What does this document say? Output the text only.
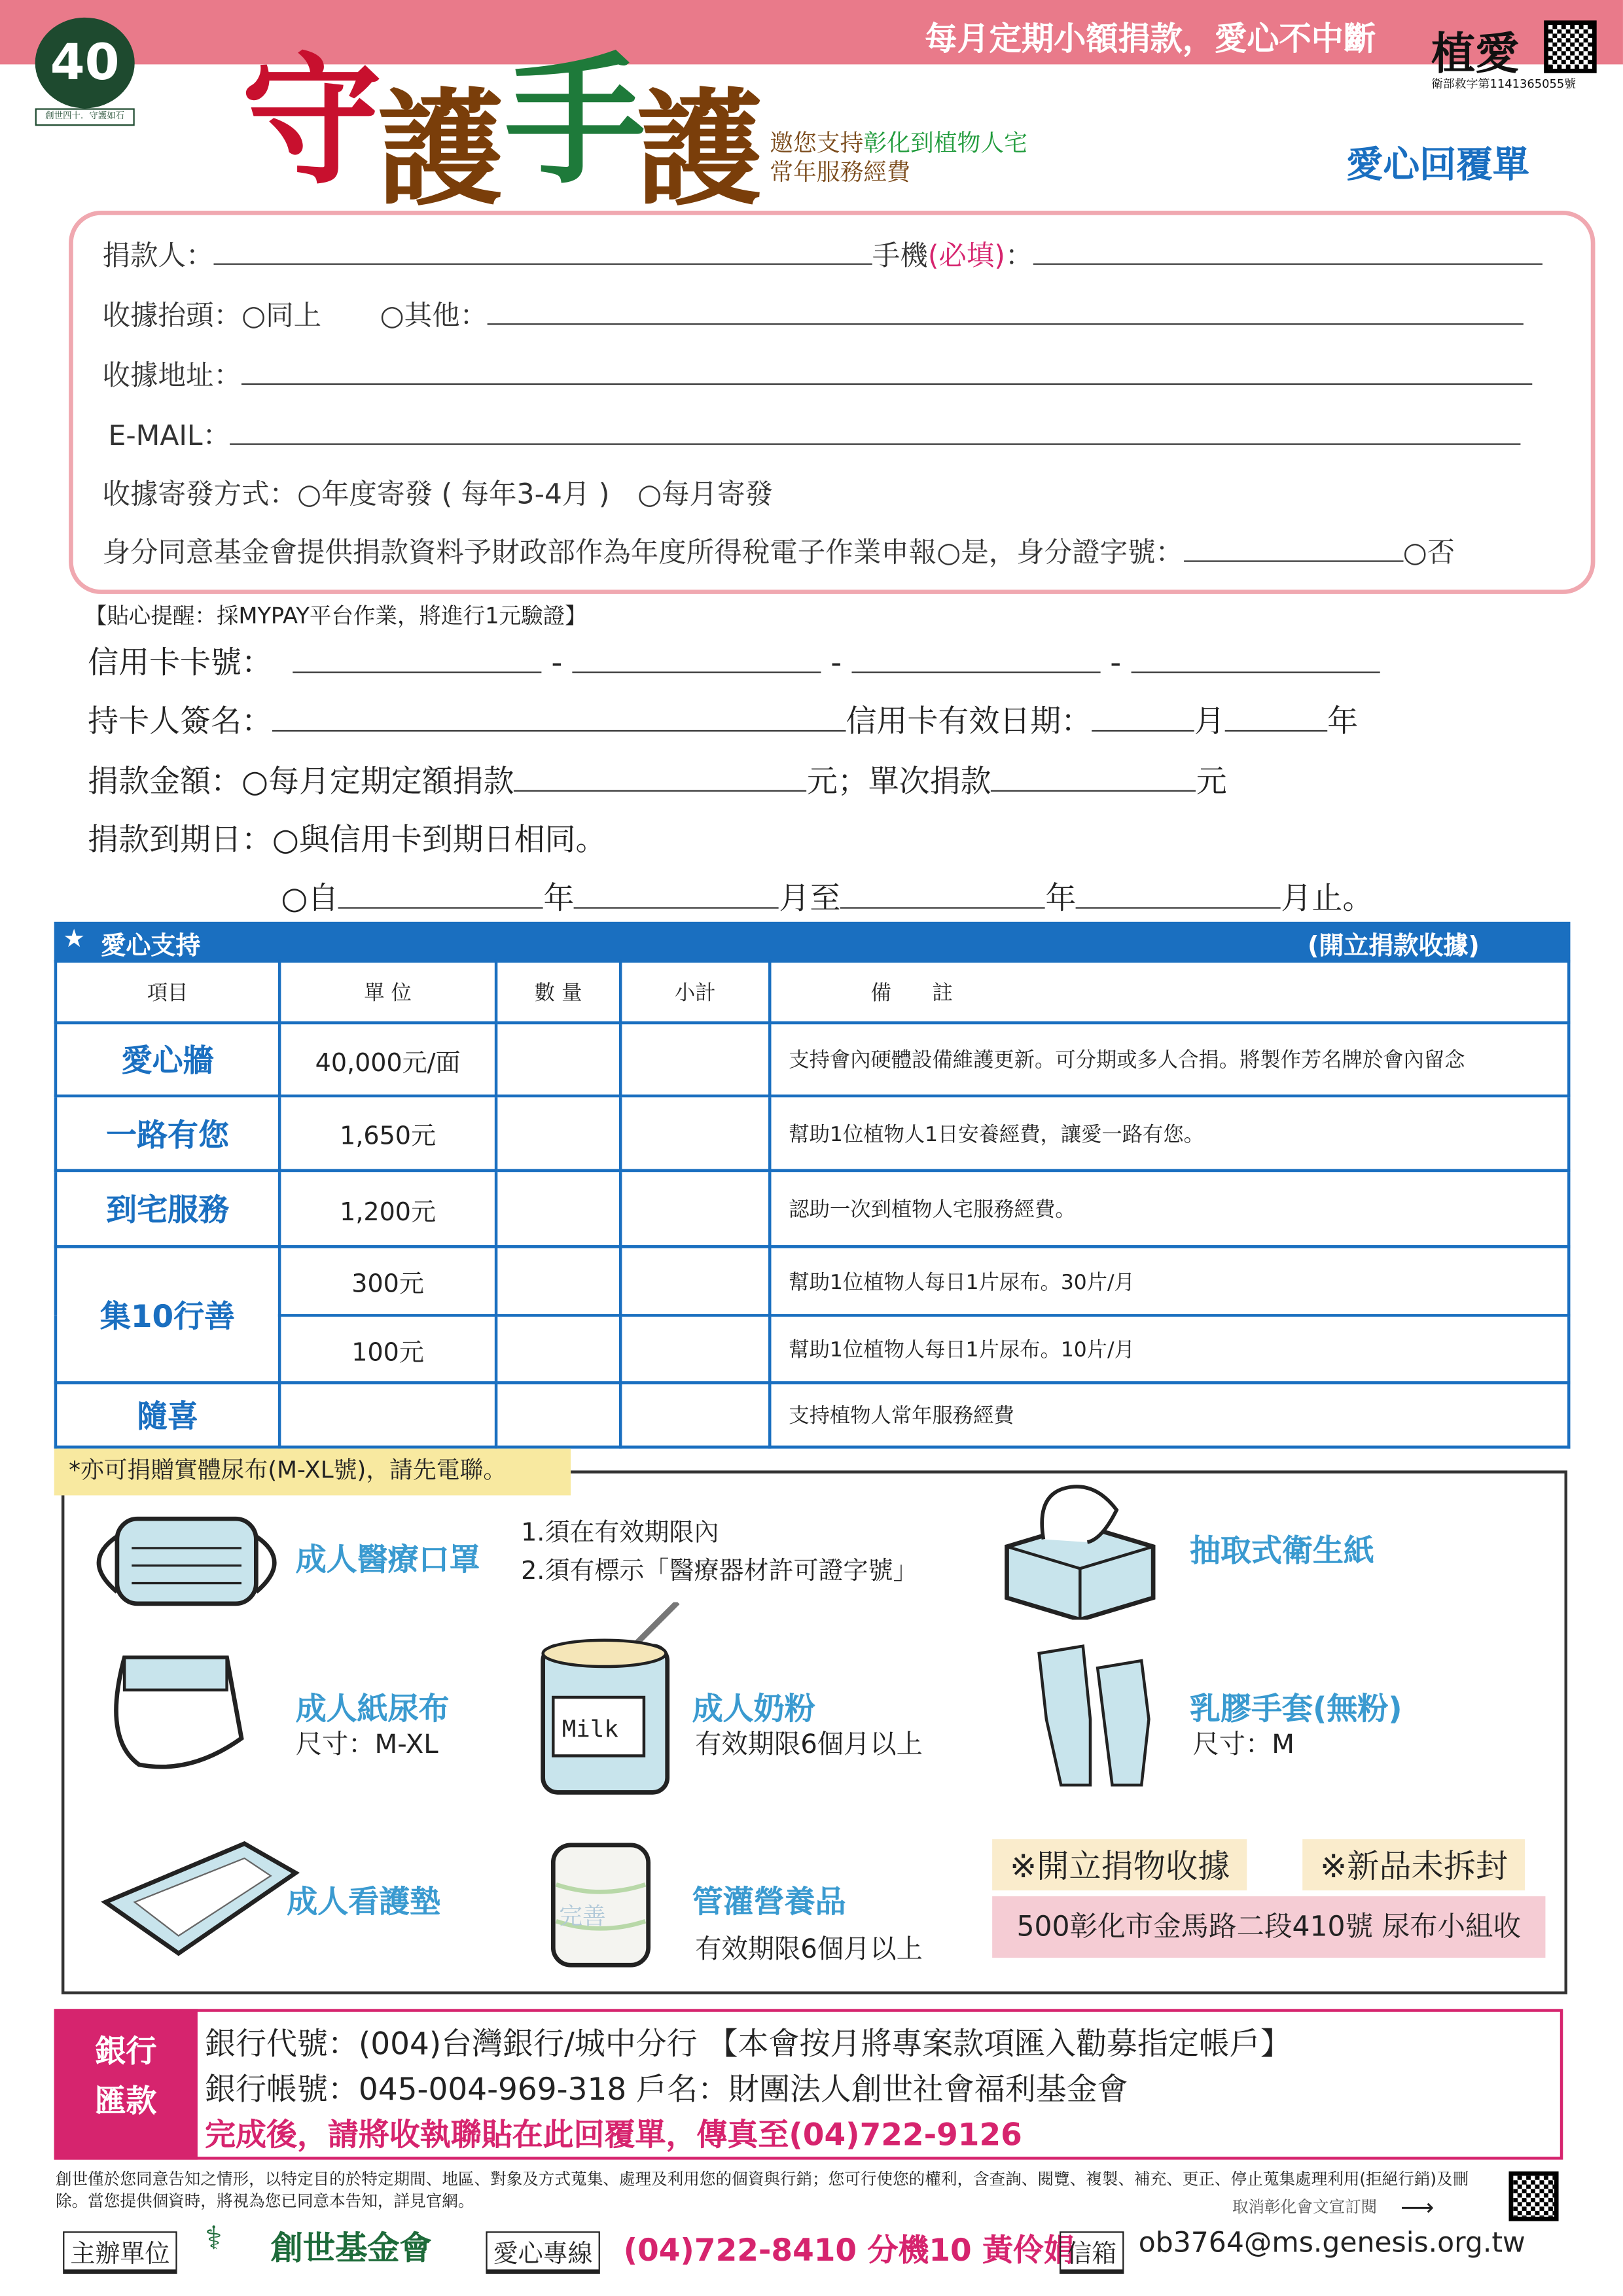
每月定期小額捐款，愛心不中斷	植愛
衛部救字第1141365055號
40
創世四十．守護如石 守
護 手
護 邀您支持彰化到植物人宅
常年服務經費	愛心回覆單
捐款人：	手機(必填)：
收據抬頭：○同上	○其他：
收據地址：
E-MAIL：
收據寄發方式：○年度寄發 ( 每年3-4月 )　○每月寄發
身分同意基金會提供捐款資料予財政部作為年度所得稅電子作業申報○是，身分證字號：	○否
【貼心提醒：採MYPAY平台作業，將進行1元驗證】
信用卡卡號：	-	-	-
持卡人簽名：	信用卡有效日期：	月	年
捐款金額：○每月定期定額捐款	元；單次捐款	元
捐款到期日：○與信用卡到期日相同。
○自	年	月至	年	月止。
★ 愛心支持	(開立捐款收據)
項目	單 位	數 量	小計	備　　註
愛心牆	40,000元/面			支持會內硬體設備維護更新。可分期或多人合捐。將製作芳名牌於會內留念
一路有您	1,650元			幫助1位植物人1日安養經費，讓愛一路有您。
到宅服務	1,200元			認助一次到植物人宅服務經費。
集10行善	300元			幫助1位植物人每日1片尿布。30片/月
	100元			幫助1位植物人每日1片尿布。10片/月
隨喜				支持植物人常年服務經費
*亦可捐贈實體尿布(M-XL號)，請先電聯。
成人醫療口罩
1.須在有效期限內
2.須有標示「醫療器材許可證字號」
抽取式衛生紙
成人紙尿布
尺寸：M-XL
Milk
成人奶粉
有效期限6個月以上
乳膠手套(無粉)
尺寸：M
成人看護墊	完善	管灌營養品
有效期限6個月以上
※開立捐物收據	※新品未拆封
500彰化市金馬路二段410號 尿布小組收
銀行
匯款
銀行代號：(004)台灣銀行/城中分行 【本會按月將專案款項匯入勸募指定帳戶】
銀行帳號：045-004-969-318 戶名：財團法人創世社會福利基金會
完成後，請將收執聯貼在此回覆單，傳真至(04)722-9126
創世僅於您同意告知之情形，以特定目的於特定期間、地區、對象及方式蒐集、處理及利用您的個資與行銷；您可行使您的權利，含查詢、閱覽、複製、補充、更正、停止蒐集處理利用(拒絕行銷)及刪除。當您提供個資時，將視為您已同意本告知，詳見官網。	取消彰化會文宣訂閱 ⟶
主辦單位	⚕	創世基金會	愛心專線	(04)722-8410 分機10 黃伶娟
信箱	ob3764@ms.genesis.org.tw
